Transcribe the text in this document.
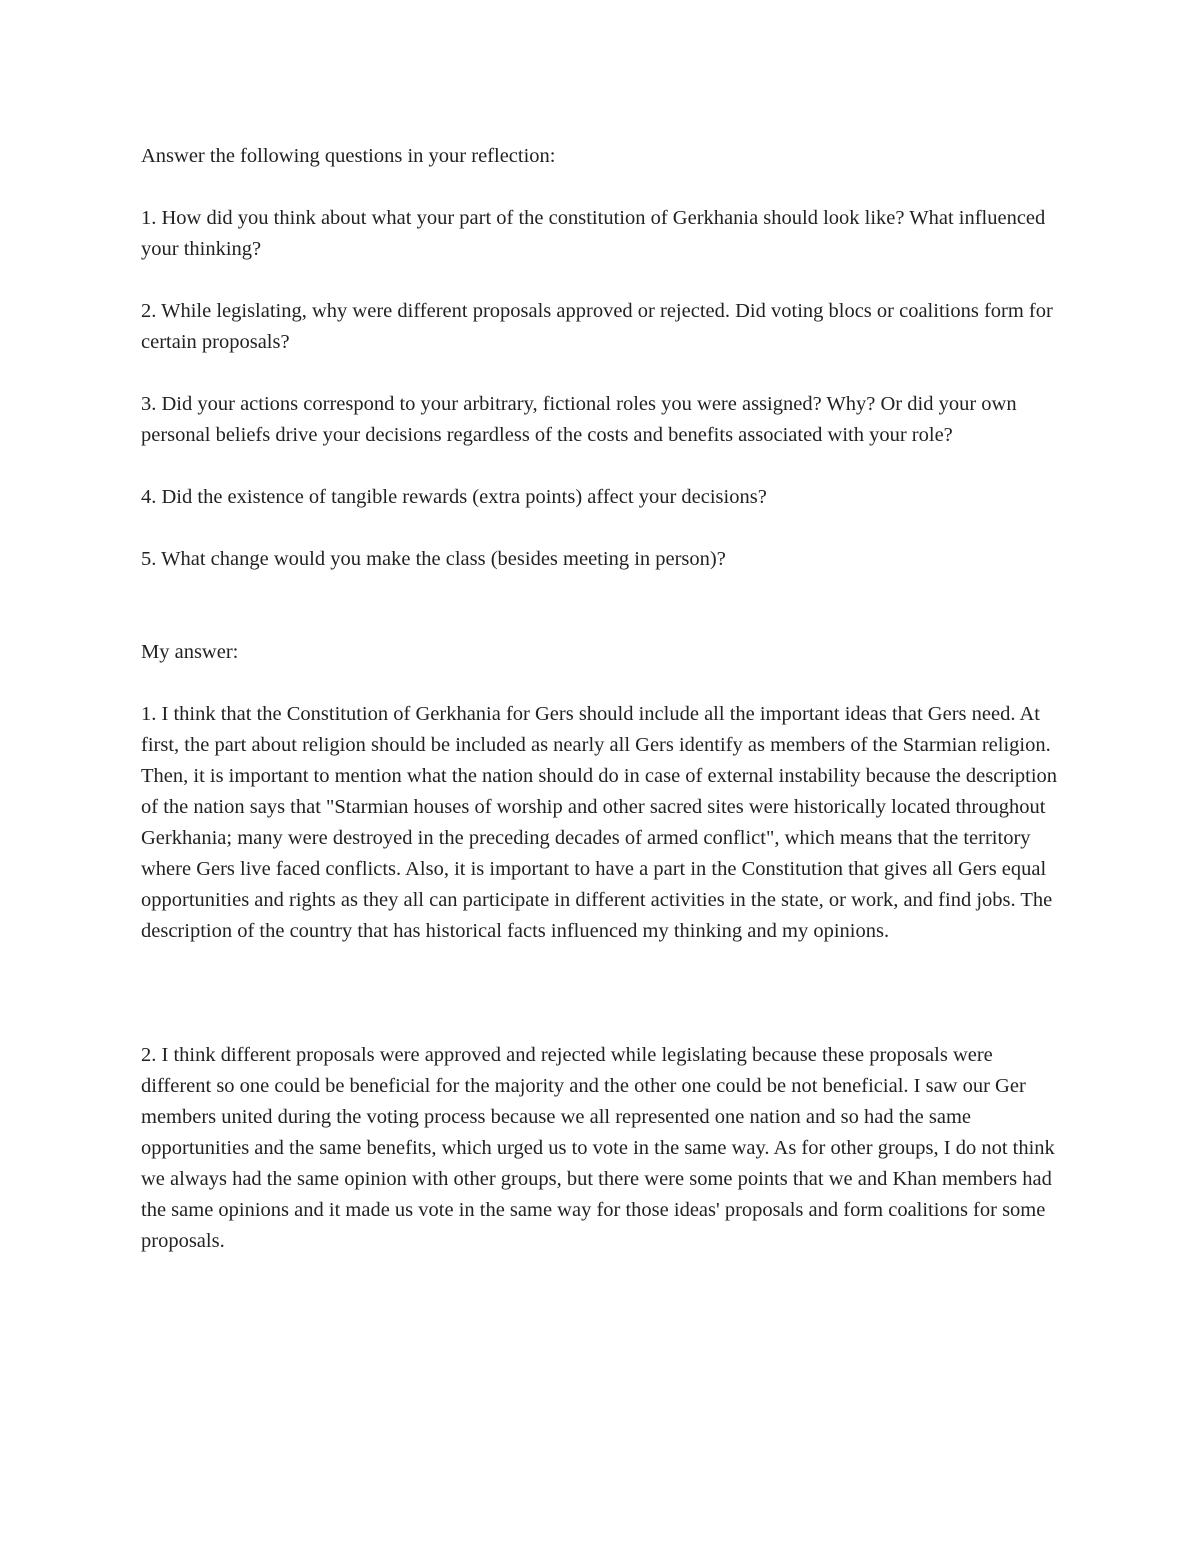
Answer the following questions in your reflection:

1. How did you think about what your part of the constitution of Gerkhania should look like? What influenced your thinking?

2. While legislating, why were different proposals approved or rejected. Did voting blocs or coalitions form for certain proposals?

3. Did your actions correspond to your arbitrary, fictional roles you were assigned? Why? Or did your own personal beliefs drive your decisions regardless of the costs and benefits associated with your role?

4. Did the existence of tangible rewards (extra points) affect your decisions?

5. What change would you make the class (besides meeting in person)?

My answer:

1. I think that the Constitution of Gerkhania for Gers should include all the important ideas that Gers need. At first, the part about religion should be included as nearly all Gers identify as members of the Starmian religion. Then, it is important to mention what the nation should do in case of external instability because the description of the nation says that "Starmian houses of worship and other sacred sites were historically located throughout Gerkhania; many were destroyed in the preceding decades of armed conflict", which means that the territory where Gers live faced conflicts. Also, it is important to have a part in the Constitution that gives all Gers equal opportunities and rights as they all can participate in different activities in the state, or work, and find jobs. The description of the country that has historical facts influenced my thinking and my opinions.

2. I think different proposals were approved and rejected while legislating because these proposals were different so one could be beneficial for the majority and the other one could be not beneficial. I saw our Ger members united during the voting process because we all represented one nation and so had the same opportunities and the same benefits, which urged us to vote in the same way. As for other groups, I do not think we always had the same opinion with other groups, but there were some points that we and Khan members had the same opinions and it made us vote in the same way for those ideas' proposals and form coalitions for some proposals.
